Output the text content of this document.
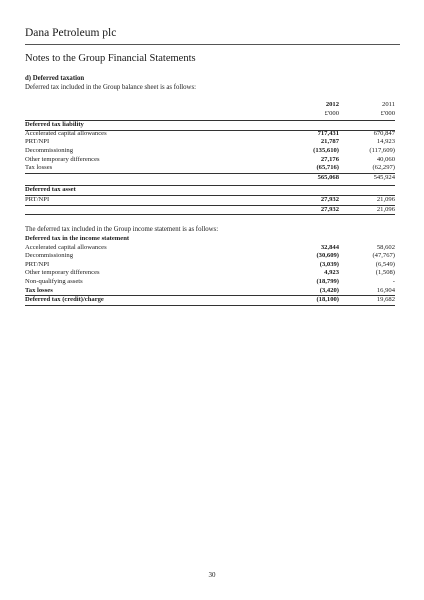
Dana Petroleum plc
Notes to the Group Financial Statements
d) Deferred taxation
Deferred tax included in the Group balance sheet is as follows:
2012	2011
£'000	£'000
Deferred tax liability
Accelerated capital allowances	717,431	670,847
PRT/NPI	21,787	14,923
Decommissioning	(135,610)	(117,609)
Other temporary differences	27,176	40,060
Tax losses	(65,716)	(62,297)
565,068	545,924
Deferred tax asset
PRT/NPI	27,932	21,096
27,932	21,096
The deferred tax included in the Group income statement is as follows:
Deferred tax in the income statement
Accelerated capital allowances	32,844	58,602
Decommissioning	(30,609)	(47,767)
PRT/NPI	(3,039)	(6,549)
Other temporary differences	4,923	(1,508)
Non-qualifying assets	(18,799)	-
Tax losses	(3,420)	16,904
Deferred tax (credit)/charge	(18,100)	19,682
30
